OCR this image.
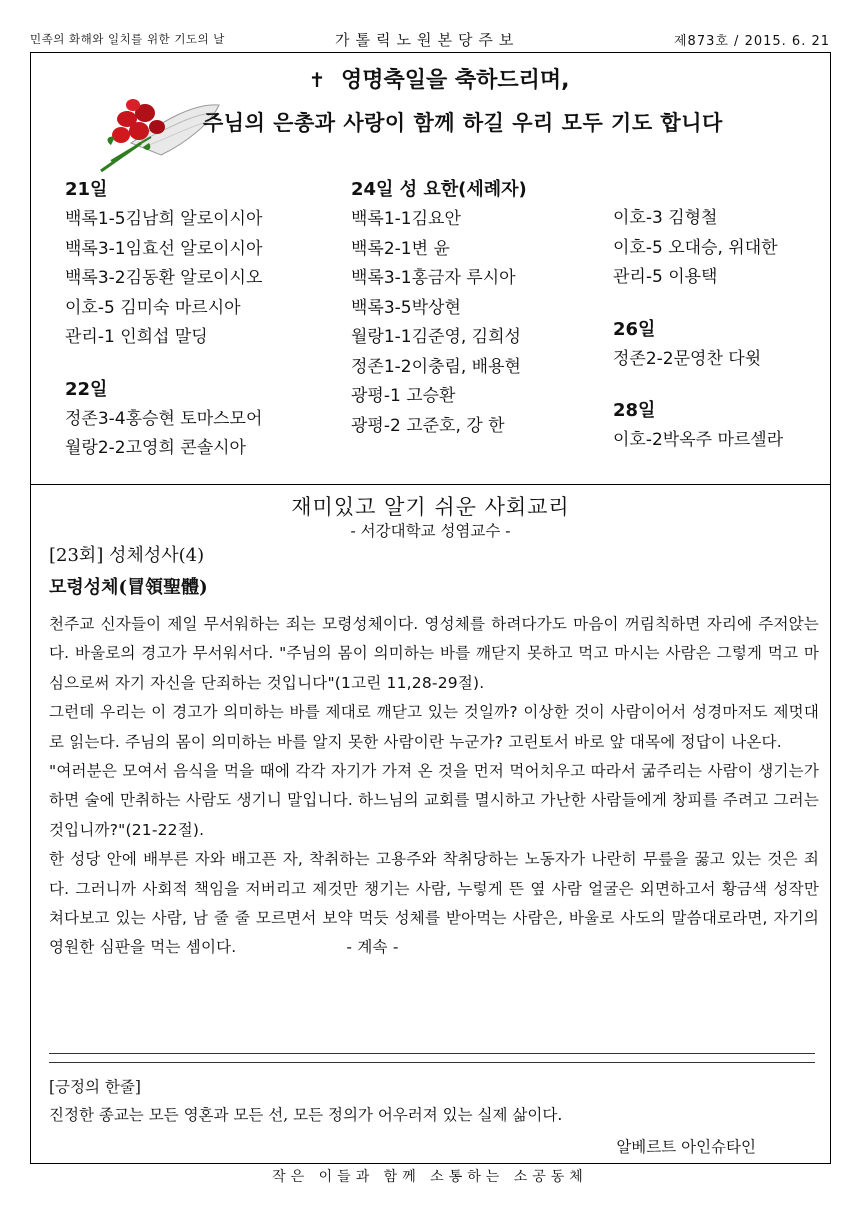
민족의 화해와 일치를 위한 기도의 날	가톨릭노원본당주보	제873호 / 2015. 6. 21
✝ 영명축일을 축하드리며,
주님의 은총과 사랑이 함께 하길 우리 모두 기도 합니다
21일
백록1-5김남희 알로이시아
백록3-1임효선 알로이시아
백록3-2김동환 알로이시오
이호-5 김미숙 마르시아
관리-1 인희섭 말딩
22일
정존3-4홍승현 토마스모어
월랑2-2고영희 콘솔시아
24일 성 요한(세례자)
백록1-1김요안
백록2-1변 윤
백록3-1홍금자 루시아
백록3-5박상현
월랑1-1김준영, 김희성
정존1-2이충림, 배용현
광평-1 고승환
광평-2 고준호, 강 한
이호-3 김형철
이호-5 오대승, 위대한
관리-5 이용택
26일
정존2-2문영찬 다윗
28일
이호-2박옥주 마르셀라
재미있고 알기 쉬운 사회교리
- 서강대학교 성염교수 -
[23회] 성체성사(4)
모령성체(冒領聖體)

천주교 신자들이 제일 무서워하는 죄는 모령성체이다. 영성체를 하려다가도 마음이 꺼림칙하면 자리에 주저앉는다. 바울로의 경고가 무서워서다. "주님의 몸이 의미하는 바를 깨닫지 못하고 먹고 마시는 사람은 그렇게 먹고 마심으로써 자기 자신을 단죄하는 것입니다"(1고린 11,28-29절).

그런데 우리는 이 경고가 의미하는 바를 제대로 깨닫고 있는 것일까? 이상한 것이 사람이어서 성경마저도 제멋대로 읽는다. 주님의 몸이 의미하는 바를 알지 못한 사람이란 누군가? 고린토서 바로 앞 대목에 정답이 나온다.

"여러분은 모여서 음식을 먹을 때에 각각 자기가 가져 온 것을 먼저 먹어치우고 따라서 굶주리는 사람이 생기는가 하면 술에 만취하는 사람도 생기니 말입니다. 하느님의 교회를 멸시하고 가난한 사람들에게 창피를 주려고 그러는 것입니까?"(21-22절).

한 성당 안에 배부른 자와 배고픈 자, 착취하는 고용주와 착취당하는 노동자가 나란히 무릎을 꿇고 있는 것은 죄다. 그러니까 사회적 책임을 저버리고 제것만 챙기는 사람, 누렇게 뜬 옆 사람 얼굴은 외면하고서 황금색 성작만 쳐다보고 있는 사람, 남 줄 줄 모르면서 보약 먹듯 성체를 받아먹는 사람은, 바울로 사도의 말씀대로라면, 자기의 영원한 심판을 먹는 셈이다.	- 계속 -

[긍정의 한줄]
진정한 종교는 모든 영혼과 모든 선, 모든 정의가 어우러져 있는 실제 삶이다.
알베르트 아인슈타인
작은 이들과 함께 소통하는 소공동체
